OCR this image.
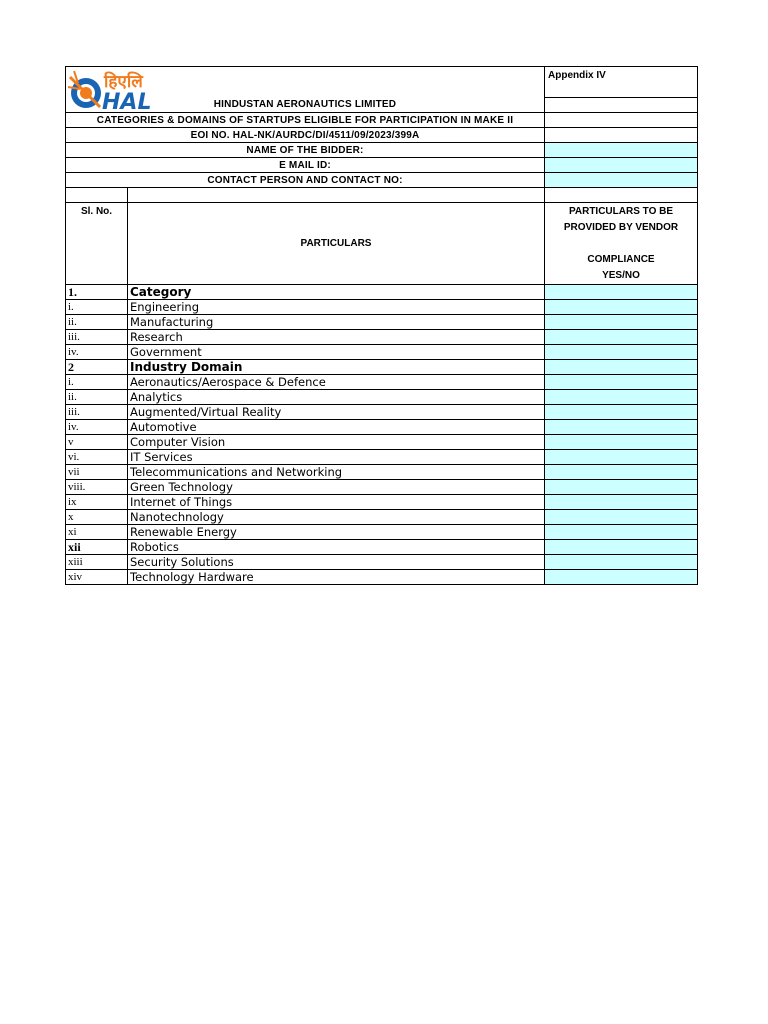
हिएलि
HAL
		Appendix IV
HINDUSTAN AERONAUTICS LIMITED		
CATEGORIES & DOMAINS OF STARTUPS ELIGIBLE FOR PARTICIPATION IN MAKE II		
EOI NO. HAL-NK/AURDC/DI/4511/09/2023/399A		
NAME OF THE BIDDER:		
E MAIL ID:		
CONTACT PERSON AND CONTACT NO:		

Sl. No.	PARTICULARS	PARTICULARS TO BE
PROVIDED BY VENDOR
COMPLIANCE
YES/NO

1.	Category	
i.	Engineering	
ii.	Manufacturing	
iii.	Research	
iv.	Government	
2	Industry Domain	
i.	Aeronautics/Aerospace & Defence	
ii.	Analytics	
iii.	Augmented/Virtual Reality	
iv.	Automotive	
v	Computer Vision	
vi.	IT Services	
vii	Telecommunications and Networking	
viii.	Green Technology	
ix	Internet of Things	
x	Nanotechnology	
xi	Renewable Energy	
xii	Robotics	
xiii	Security Solutions	
xiv	Technology Hardware	
